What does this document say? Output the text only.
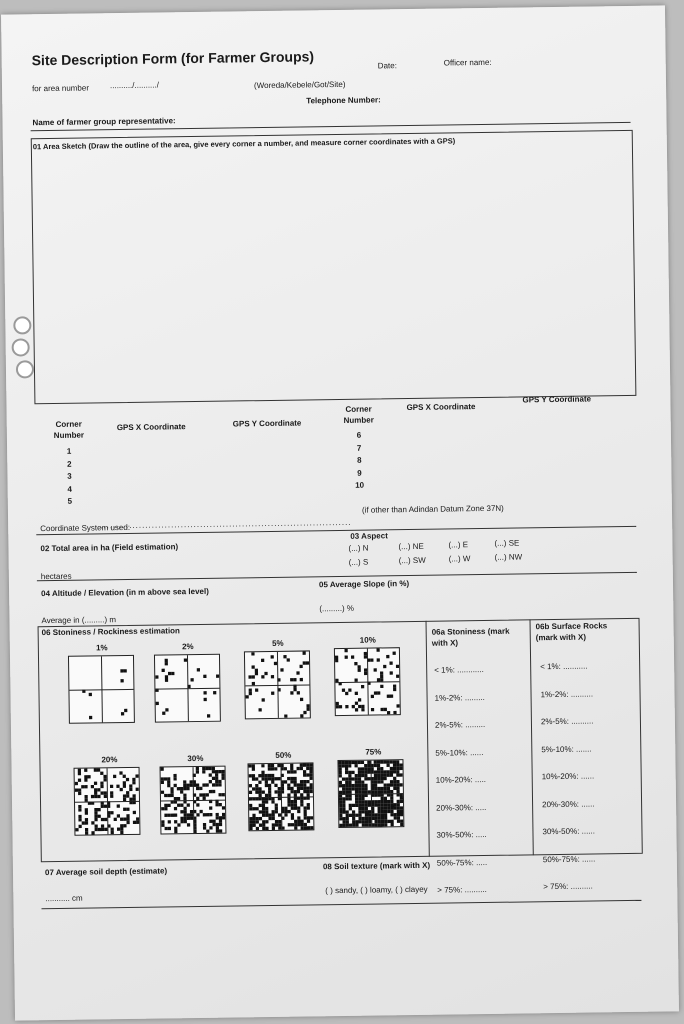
Site Description Form (for Farmer Groups)	Date:	Officer name:
for area number	........../........../	(Woreda/Kebele/Got/Site)
Telephone Number:
Name of farmer group representative:
01 Area Sketch (Draw the outline of the area, give every corner a number, and measure corner coordinates with a GPS)
Corner Number
GPS X Coordinate	GPS Y Coordinate
Corner Number
GPS X Coordinate
GPS Y Coordinate
1
2
3
4
5
6
7
8
9
10
Coordinate System used:
..............................................................................
(if other than Adindan Datum Zone 37N)
02 Total area in ha (Field estimation)
hectares
03 Aspect
(...) N	(...) NE	(...) E	(...) SE
(...) S	(...) SW	(...) W	(...) NW
04 Altitude / Elevation (in m above sea level)
Average in (.........) m
05 Average Slope (in %)
(.........) %
06 Stoniness / Rockiness estimation
1%	2%	5%	10%
20%	30%	50%	75%
06a Stoniness (mark with X)
06b Surface Rocks (mark with X)
< 1%: ............
1%-2%: .........
2%-5%: .........
5%-10%: ......
10%-20%: .....
20%-30%: .....
30%-50%: .....
50%-75%: .....
> 75%: ..........
< 1%: ...........
1%-2%: ..........
2%-5%: ..........
5%-10%: .......
10%-20%: ......
20%-30%: ......
30%-50%: ......
50%-75%: ......
> 75%: ..........
07 Average soil depth (estimate)
........... cm
08 Soil texture (mark with X)
( ) sandy, ( ) loamy, ( ) clayey
